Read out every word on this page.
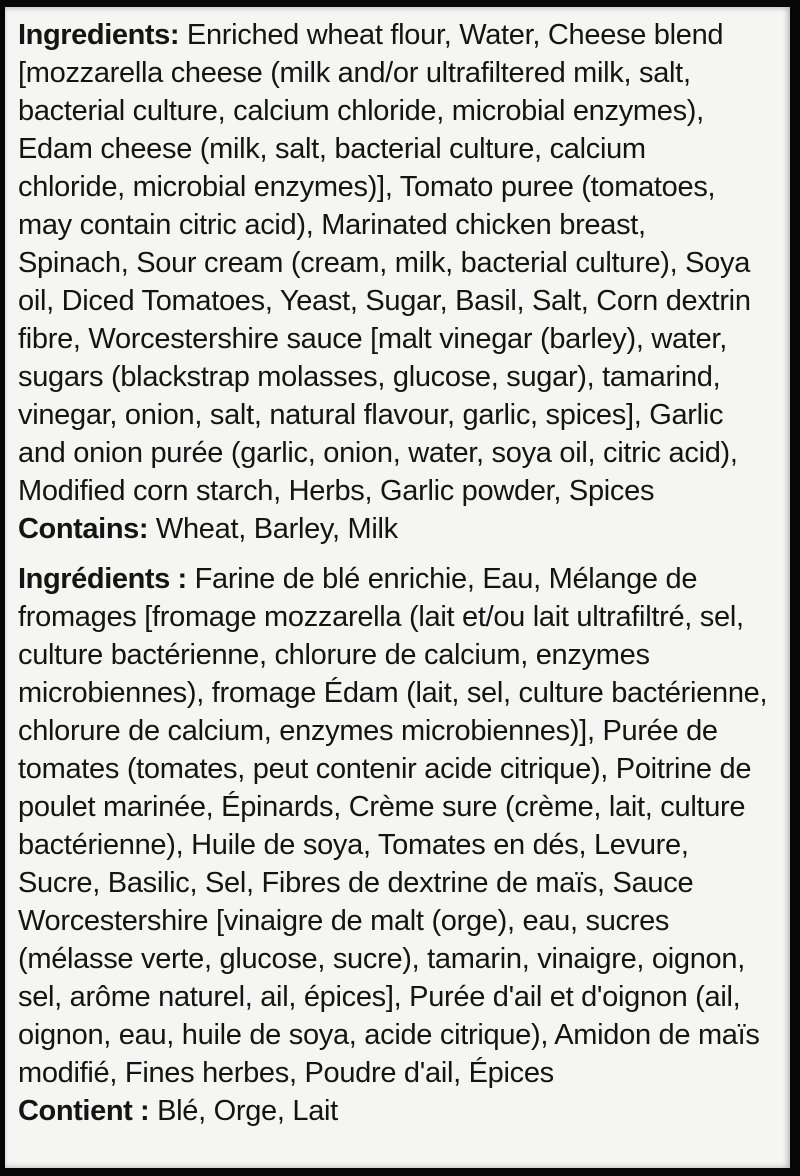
Ingredients: Enriched wheat flour, Water, Cheese blend
[mozzarella cheese (milk and/or ultrafiltered milk, salt,
bacterial culture, calcium chloride, microbial enzymes),
Edam cheese (milk, salt, bacterial culture, calcium
chloride, microbial enzymes)], Tomato puree (tomatoes,
may contain citric acid), Marinated chicken breast,
Spinach, Sour cream (cream, milk, bacterial culture), Soya
oil, Diced Tomatoes, Yeast, Sugar, Basil, Salt, Corn dextrin
fibre, Worcestershire sauce [malt vinegar (barley), water,
sugars (blackstrap molasses, glucose, sugar), tamarind,
vinegar, onion, salt, natural flavour, garlic, spices], Garlic
and onion purée (garlic, onion, water, soya oil, citric acid),
Modified corn starch, Herbs, Garlic powder, Spices
Contains: Wheat, Barley, Milk
Ingrédients : Farine de blé enrichie, Eau, Mélange de
fromages [fromage mozzarella (lait et/ou lait ultrafiltré, sel,
culture bactérienne, chlorure de calcium, enzymes
microbiennes), fromage Édam (lait, sel, culture bactérienne,
chlorure de calcium, enzymes microbiennes)], Purée de
tomates (tomates, peut contenir acide citrique), Poitrine de
poulet marinée, Épinards, Crème sure (crème, lait, culture
bactérienne), Huile de soya, Tomates en dés, Levure,
Sucre, Basilic, Sel, Fibres de dextrine de maïs, Sauce
Worcestershire [vinaigre de malt (orge), eau, sucres
(mélasse verte, glucose, sucre), tamarin, vinaigre, oignon,
sel, arôme naturel, ail, épices], Purée d'ail et d'oignon (ail,
oignon, eau, huile de soya, acide citrique), Amidon de maïs
modifié, Fines herbes, Poudre d'ail, Épices
Contient : Blé, Orge, Lait
